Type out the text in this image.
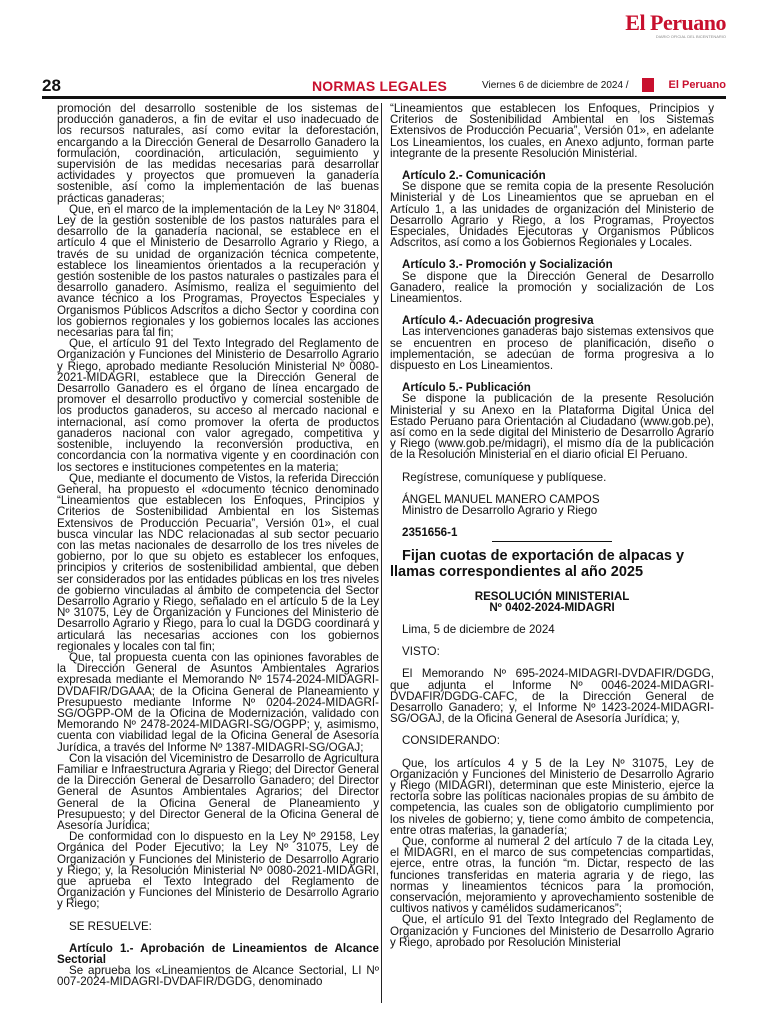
El Peruano
DIARIO OFICIAL DEL BICENTENARIO
28	NORMAS LEGALES	Viernes 6 de diciembre de 2024 /	El Peruano

promoción del desarrollo sostenible de los sistemas de producción ganaderos, a fin de evitar el uso inadecuado de los recursos naturales, así como evitar la deforestación, encargando a la Dirección General de Desarrollo Ganadero la formulación, coordinación, articulación, seguimiento y supervisión de las medidas necesarias para desarrollar actividades y proyectos que promueven la ganadería sostenible, así como la implementación de las buenas prácticas ganaderas;

Que, en el marco de la implementación de la Ley Nº 31804, Ley de la gestión sostenible de los pastos naturales para el desarrollo de la ganadería nacional, se establece en el artículo 4 que el Ministerio de Desarrollo Agrario y Riego, a través de su unidad de organización técnica competente, establece los lineamientos orientados a la recuperación y gestión sostenible de los pastos naturales o pastizales para el desarrollo ganadero. Asimismo, realiza el seguimiento del avance técnico a los Programas, Proyectos Especiales y Organismos Públicos Adscritos a dicho Sector y coordina con los gobiernos regionales y los gobiernos locales las acciones necesarias para tal fin;

Que, el artículo 91 del Texto Integrado del Reglamento de Organización y Funciones del Ministerio de Desarrollo Agrario y Riego, aprobado mediante Resolución Ministerial Nº 0080-2021-MIDAGRI, establece que la Dirección General de Desarrollo Ganadero es el órgano de línea encargado de promover el desarrollo productivo y comercial sostenible de los productos ganaderos, su acceso al mercado nacional e internacional, así como promover la oferta de productos ganaderos nacional con valor agregado, competitiva y sostenible, incluyendo la reconversión productiva, en concordancia con la normativa vigente y en coordinación con los sectores e instituciones competentes en la materia;

Que, mediante el documento de Vistos, la referida Dirección General, ha propuesto el «documento técnico denominado “Lineamientos que establecen los Enfoques, Principios y Criterios de Sostenibilidad Ambiental en los Sistemas Extensivos de Producción Pecuaria”, Versión 01», el cual busca vincular las NDC relacionadas al sub sector pecuario con las metas nacionales de desarrollo de los tres niveles de gobierno, por lo que su objeto es establecer los enfoques, principios y criterios de sostenibilidad ambiental, que deben ser considerados por las entidades públicas en los tres niveles de gobierno vinculadas al ámbito de competencia del Sector Desarrollo Agrario y Riego, señalado en el artículo 5 de la Ley Nº 31075, Ley de Organización y Funciones del Ministerio de Desarrollo Agrario y Riego, para lo cual la DGDG coordinará y articulará las necesarias acciones con los gobiernos regionales y locales con tal fin;

Que, tal propuesta cuenta con las opiniones favorables de la Dirección General de Asuntos Ambientales Agrarios expresada mediante el Memorando Nº 1574-2024-MIDAGRI-DVDAFIR/DGAAA; de la Oficina General de Planeamiento y Presupuesto mediante Informe Nº 0204-2024-MIDAGRI-SG/OGPP-OM de la Oficina de Modernización, validado con Memorando Nº 2478-2024-MIDAGRI-SG/OGPP; y, asimismo, cuenta con viabilidad legal de la Oficina General de Asesoría Jurídica, a través del Informe Nº 1387-MIDAGRI-SG/OGAJ;

Con la visación del Viceministro de Desarrollo de Agricultura Familiar e Infraestructura Agraria y Riego; del Director General de la Dirección General de Desarrollo Ganadero; del Director General de Asuntos Ambientales Agrarios; del Director General de la Oficina General de Planeamiento y Presupuesto; y del Director General de la Oficina General de Asesoría Jurídica;

De conformidad con lo dispuesto en la Ley Nº 29158, Ley Orgánica del Poder Ejecutivo; la Ley Nº 31075, Ley de Organización y Funciones del Ministerio de Desarrollo Agrario y Riego; y, la Resolución Ministerial Nº 0080-2021-MIDAGRI, que aprueba el Texto Integrado del Reglamento de Organización y Funciones del Ministerio de Desarrollo Agrario y Riego;

SE RESUELVE:

Artículo 1.- Aprobación de Lineamientos de Alcance Sectorial

Se aprueba los «Lineamientos de Alcance Sectorial, LI Nº 007-2024-MIDAGRI-DVDAFIR/DGDG, denominado

“Lineamientos que establecen los Enfoques, Principios y Criterios de Sostenibilidad Ambiental en los Sistemas Extensivos de Producción Pecuaria”, Versión 01», en adelante Los Lineamientos, los cuales, en Anexo adjunto, forman parte integrante de la presente Resolución Ministerial.

Artículo 2.- Comunicación

Se dispone que se remita copia de la presente Resolución Ministerial y de Los Lineamientos que se aprueban en el Artículo 1, a las unidades de organización del Ministerio de Desarrollo Agrario y Riego, a los Programas, Proyectos Especiales, Unidades Ejecutoras y Organismos Públicos Adscritos, así como a los Gobiernos Regionales y Locales.

Artículo 3.- Promoción y Socialización

Se dispone que la Dirección General de Desarrollo Ganadero, realice la promoción y socialización de Los Lineamientos.

Artículo 4.- Adecuación progresiva

Las intervenciones ganaderas bajo sistemas extensivos que se encuentren en proceso de planificación, diseño o implementación, se adecúan de forma progresiva a lo dispuesto en Los Lineamientos.

Artículo 5.- Publicación

Se dispone la publicación de la presente Resolución Ministerial y su Anexo en la Plataforma Digital Única del Estado Peruano para Orientación al Ciudadano (www.gob.pe), así como en la sede digital del Ministerio de Desarrollo Agrario y Riego (www.gob.pe/midagri), el mismo día de la publicación de la Resolución Ministerial en el diario oficial El Peruano.

Regístrese, comuníquese y publíquese.

ÁNGEL MANUEL MANERO CAMPOS

Ministro de Desarrollo Agrario y Riego

2351656-1

Fijan cuotas de exportación de alpacas y llamas correspondientes al año 2025

RESOLUCIÓN MINISTERIAL

Nº 0402-2024-MIDAGRI

Lima, 5 de diciembre de 2024

VISTO:

El Memorando Nº 695-2024-MIDAGRI-DVDAFIR/DGDG, que adjunta el Informe Nº 0046-2024-MIDAGRI-DVDAFIR/DGDG-CAFC, de la Dirección General de Desarrollo Ganadero; y, el Informe Nº 1423-2024-MIDAGRI-SG/OGAJ, de la Oficina General de Asesoría Jurídica; y,

CONSIDERANDO:

Que, los artículos 4 y 5 de la Ley Nº 31075, Ley de Organización y Funciones del Ministerio de Desarrollo Agrario y Riego (MIDAGRI), determinan que este Ministerio, ejerce la rectoría sobre las políticas nacionales propias de su ámbito de competencia, las cuales son de obligatorio cumplimiento por los niveles de gobierno; y, tiene como ámbito de competencia, entre otras materias, la ganadería;

Que, conforme al numeral 2 del artículo 7 de la citada Ley, el MIDAGRI, en el marco de sus competencias compartidas, ejerce, entre otras, la función “m. Dictar, respecto de las funciones transferidas en materia agraria y de riego, las normas y lineamientos técnicos para la promoción, conservación, mejoramiento y aprovechamiento sostenible de cultivos nativos y camélidos sudamericanos”;

Que, el artículo 91 del Texto Integrado del Reglamento de Organización y Funciones del Ministerio de Desarrollo Agrario y Riego, aprobado por Resolución Ministerial
